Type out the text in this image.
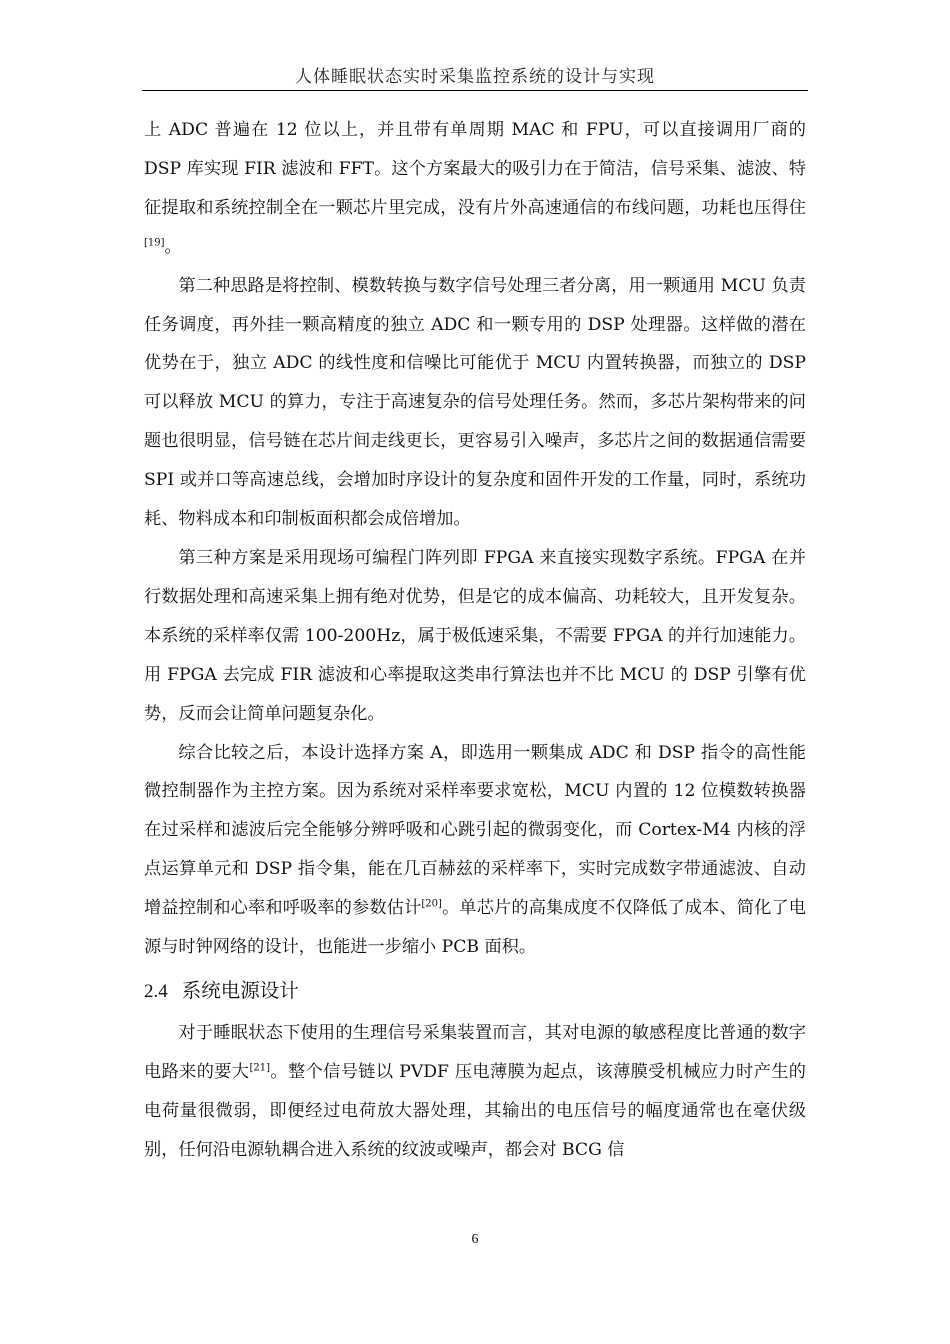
人体睡眠状态实时采集监控系统的设计与实现

上 ADC 普遍在 12 位以上，并且带有单周期 MAC 和 FPU，可以直接调用厂商的 DSP 库实现 FIR 滤波和 FFT。这个方案最大的吸引力在于简洁，信号采集、滤波、特征提取和系统控制全在一颗芯片里完成，没有片外高速通信的布线问题，功耗也压得住[19]。

第二种思路是将控制、模数转换与数字信号处理三者分离，用一颗通用 MCU 负责任务调度，再外挂一颗高精度的独立 ADC 和一颗专用的 DSP 处理器。这样做的潜在优势在于，独立 ADC 的线性度和信噪比可能优于 MCU 内置转换器，而独立的 DSP 可以释放 MCU 的算力，专注于高速复杂的信号处理任务。然而，多芯片架构带来的问题也很明显，信号链在芯片间走线更长，更容易引入噪声，多芯片之间的数据通信需要 SPI 或并口等高速总线，会增加时序设计的复杂度和固件开发的工作量，同时，系统功耗、物料成本和印制板面积都会成倍增加。

第三种方案是采用现场可编程门阵列即 FPGA 来直接实现数字系统。FPGA 在并行数据处理和高速采集上拥有绝对优势，但是它的成本偏高、功耗较大，且开发复杂。本系统的采样率仅需 100-200Hz，属于极低速采集，不需要 FPGA 的并行加速能力。用 FPGA 去完成 FIR 滤波和心率提取这类串行算法也并不比 MCU 的 DSP 引擎有优势，反而会让简单问题复杂化。

综合比较之后，本设计选择方案 A，即选用一颗集成 ADC 和 DSP 指令的高性能微控制器作为主控方案。因为系统对采样率要求宽松，MCU 内置的 12 位模数转换器在过采样和滤波后完全能够分辨呼吸和心跳引起的微弱变化，而 Cortex-M4 内核的浮点运算单元和 DSP 指令集，能在几百赫兹的采样率下，实时完成数字带通滤波、自动增益控制和心率和呼吸率的参数估计[20]。单芯片的高集成度不仅降低了成本、简化了电源与时钟网络的设计，也能进一步缩小 PCB 面积。

2.4 系统电源设计

对于睡眠状态下使用的生理信号采集装置而言，其对电源的敏感程度比普通的数字电路来的要大[21]。整个信号链以 PVDF 压电薄膜为起点，该薄膜受机械应力时产生的电荷量很微弱，即便经过电荷放大器处理，其输出的电压信号的幅度通常也在毫伏级别，任何沿电源轨耦合进入系统的纹波或噪声，都会对 BCG 信

6
